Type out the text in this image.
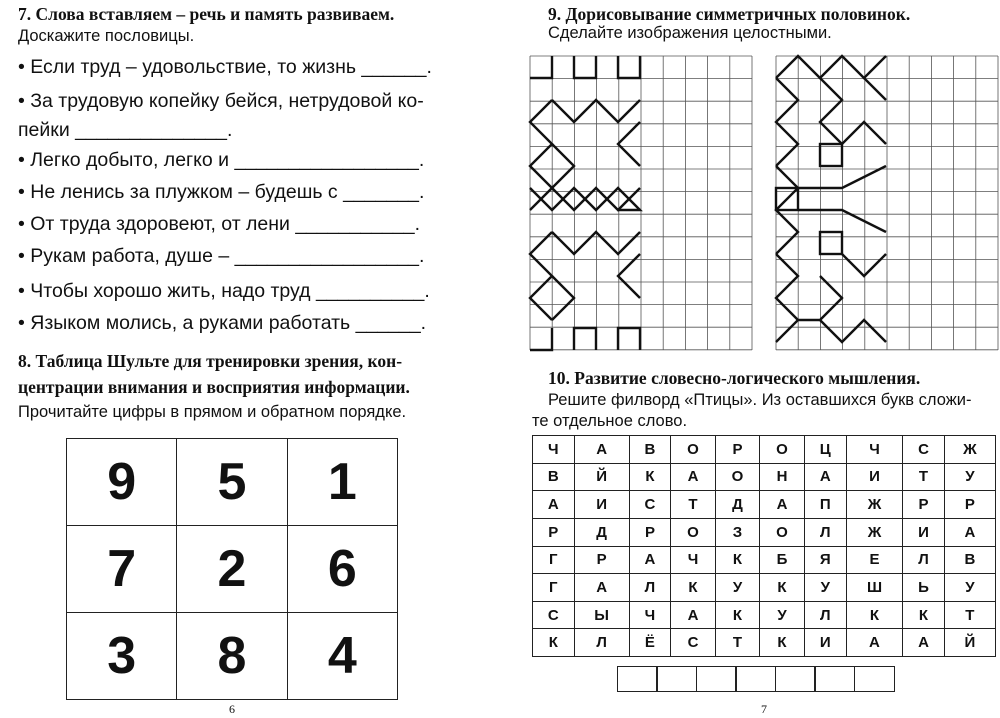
7. Слова вставляем – речь и память развиваем.
Доскажите пословицы.
• Если труд – удовольствие, то жизнь ______.
• За трудовую копейку бейся, нетрудовой ко-
пейки ______________.
• Легко добыто, легко и _________________.
• Не ленись за плужком – будешь с _______.
• От труда здоровеют, от лени ___________.
• Рукам работа, душе – _________________.
• Чтобы хорошо жить, надо труд __________.
• Языком молись, а руками работать ______.
8. Таблица Шульте для тренировки зрения, кон-
центрации внимания и восприятия информации.
Прочитайте цифры в прямом и обратном порядке.
9	5	1
7	2	6
3	8	4
9. Дорисовывание симметричных половинок.
Сделайте изображения целостными.
10. Развитие словесно-логического мышления.
Решите филворд «Птицы». Из оставшихся букв сложи-
те отдельное слово.
Ч	А	В	О	Р	О	Ц	Ч	С	Ж
В	Й	К	А	О	Н	А	И	Т	У
А	И	С	Т	Д	А	П	Ж	Р	Р
Р	Д	Р	О	З	О	Л	Ж	И	А
Г	Р	А	Ч	К	Б	Я	Е	Л	В
Г	А	Л	К	У	К	У	Ш	Ь	У
С	Ы	Ч	А	К	У	Л	К	К	Т
К	Л	Ё	С	Т	К	И	А	А	Й
6	7
